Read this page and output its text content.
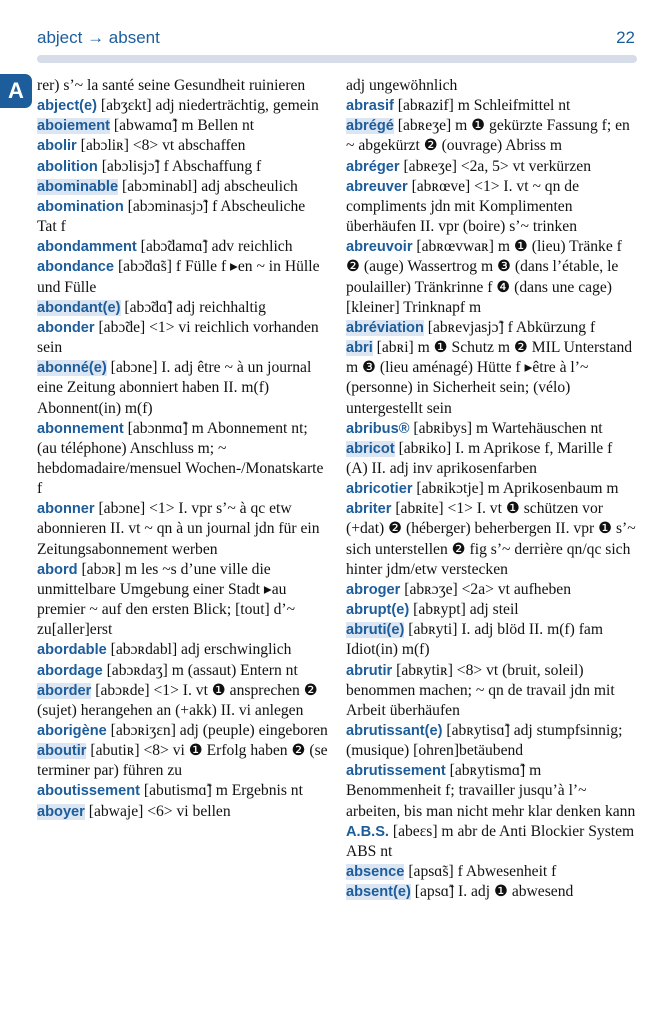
abject → absent	22
A rer) s’~ la santé seine Gesundheit ruinieren

abject(e) [abʒɛkt] adj niederträchtig, gemein

aboiement [abwamɑ̃] m Bellen nt

abolir [abɔliʀ] <8> vt abschaffen

abolition [abɔlisjɔ̃] f Abschaffung f

abominable [abɔminabl] adj abscheulich

abomination [abɔminasjɔ̃] f Abscheuliche Tat f

abondamment [abɔ̃damɑ̃] adv reichlich

abondance [abɔ̃dɑ̃s] f Fülle f ▸en ~ in Hülle und Fülle

abondant(e) [abɔ̃dɑ̃] adj reichhaltig

abonder [abɔ̃de] <1> vi reichlich vorhanden sein

abonné(e) [abɔne] I. adj être ~ à un journal eine Zeitung abonniert haben II. m(f) Abonnent(in) m(f)

abonnement [abɔnmɑ̃] m Abonnement nt; (au téléphone) Anschluss m; ~ hebdomadaire/mensuel Wochen-/Monatskarte f

abonner [abɔne] <1> I. vpr s’~ à qc etw abonnieren II. vt ~ qn à un journal jdn für ein Zeitungsabonnement werben

abord [abɔʀ] m les ~s d’une ville die unmittelbare Umgebung einer Stadt ▸au premier ~ auf den ersten Blick; [tout] d’~ zu[aller]erst

abordable [abɔʀdabl] adj erschwinglich

abordage [abɔʀdaʒ] m (assaut) Entern nt

aborder [abɔʀde] <1> I. vt ❶ ansprechen ❷ (sujet) herangehen an (+akk) II. vi anlegen

aborigène [abɔʀiʒɛn] adj (peuple) eingeboren

aboutir [abutiʀ] <8> vi ❶ Erfolg haben ❷ (se terminer par) führen zu

aboutissement [abutismɑ̃] m Ergebnis nt

aboyer [abwaje] <6> vi bellen

adj ungewöhnlich

abrasif [abʀazif] m Schleifmittel nt

abrégé [abʀeʒe] m ❶ gekürzte Fassung f; en ~ abgekürzt ❷ (ouvrage) Abriss m

abréger [abʀeʒe] <2a, 5> vt verkürzen

abreuver [abʀœve] <1> I. vt ~ qn de compliments jdn mit Komplimenten überhäufen II. vpr (boire) s’~ trinken

abreuvoir [abʀœvwaʀ] m ❶ (lieu) Tränke f ❷ (auge) Wassertrog m ❸ (dans l’étable, le poulailler) Tränkrinne f ❹ (dans une cage) [kleiner] Trinknapf m

abréviation [abʀevjasjɔ̃] f Abkürzung f

abri [abʀi] m ❶ Schutz m ❷ MIL Unterstand m ❸ (lieu aménagé) Hütte f ▸être à l’~ (personne) in Sicherheit sein; (vélo) untergestellt sein

abribus® [abʀibys] m Wartehäuschen nt

abricot [abʀiko] I. m Aprikose f, Marille f (A) II. adj inv aprikosenfarben

abricotier [abʀikɔtje] m Aprikosenbaum m

abriter [abʀite] <1> I. vt ❶ schützen vor (+dat) ❷ (héberger) beherbergen II. vpr ❶ s’~ sich unterstellen ❷ fig s’~ derrière qn/qc sich hinter jdm/etw verstecken

abroger [abʀɔʒe] <2a> vt aufheben

abrupt(e) [abʀypt] adj steil

abruti(e) [abʀyti] I. adj blöd II. m(f) fam Idiot(in) m(f)

abrutir [abʀytiʀ] <8> vt (bruit, soleil) benommen machen; ~ qn de travail jdn mit Arbeit überhäufen

abrutissant(e) [abʀytisɑ̃] adj stumpfsinnig; (musique) [ohren]betäubend

abrutissement [abʀytismɑ̃] m Benommenheit f; travailler jusqu’à l’~ arbeiten, bis man nicht mehr klar denken kann

A.B.S. [abeɛs] m abr de Anti Blockier System ABS nt

absence [apsɑ̃s] f Abwesenheit f

absent(e) [apsɑ̃] I. adj ❶ abwesend
